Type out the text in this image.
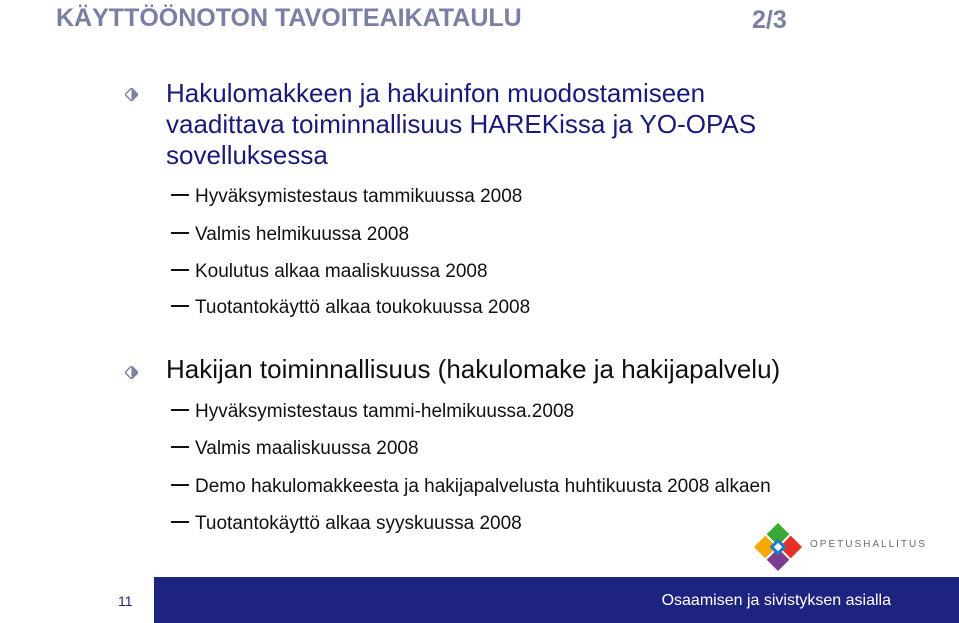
KÄYTTÖÖNOTON TAVOITEAIKATAULU	2/3
Hakulomakkeen ja hakuinfon muodostamiseen
vaadittava toiminnallisuus HAREKissa ja YO-OPAS
sovelluksessa
Hyväksymistestaus tammikuussa 2008
Valmis helmikuussa 2008
Koulutus alkaa maaliskuussa 2008
Tuotantokäyttö alkaa toukokuussa 2008
Hakijan toiminnallisuus (hakulomake ja hakijapalvelu)
Hyväksymistestaus tammi-helmikuussa.2008
Valmis maaliskuussa 2008
Demo hakulomakkeesta ja hakijapalvelusta huhtikuusta 2008 alkaen
Tuotantokäyttö alkaa syyskuussa 2008
OPETUSHALLITUS
11	Osaamisen ja sivistyksen asialla
